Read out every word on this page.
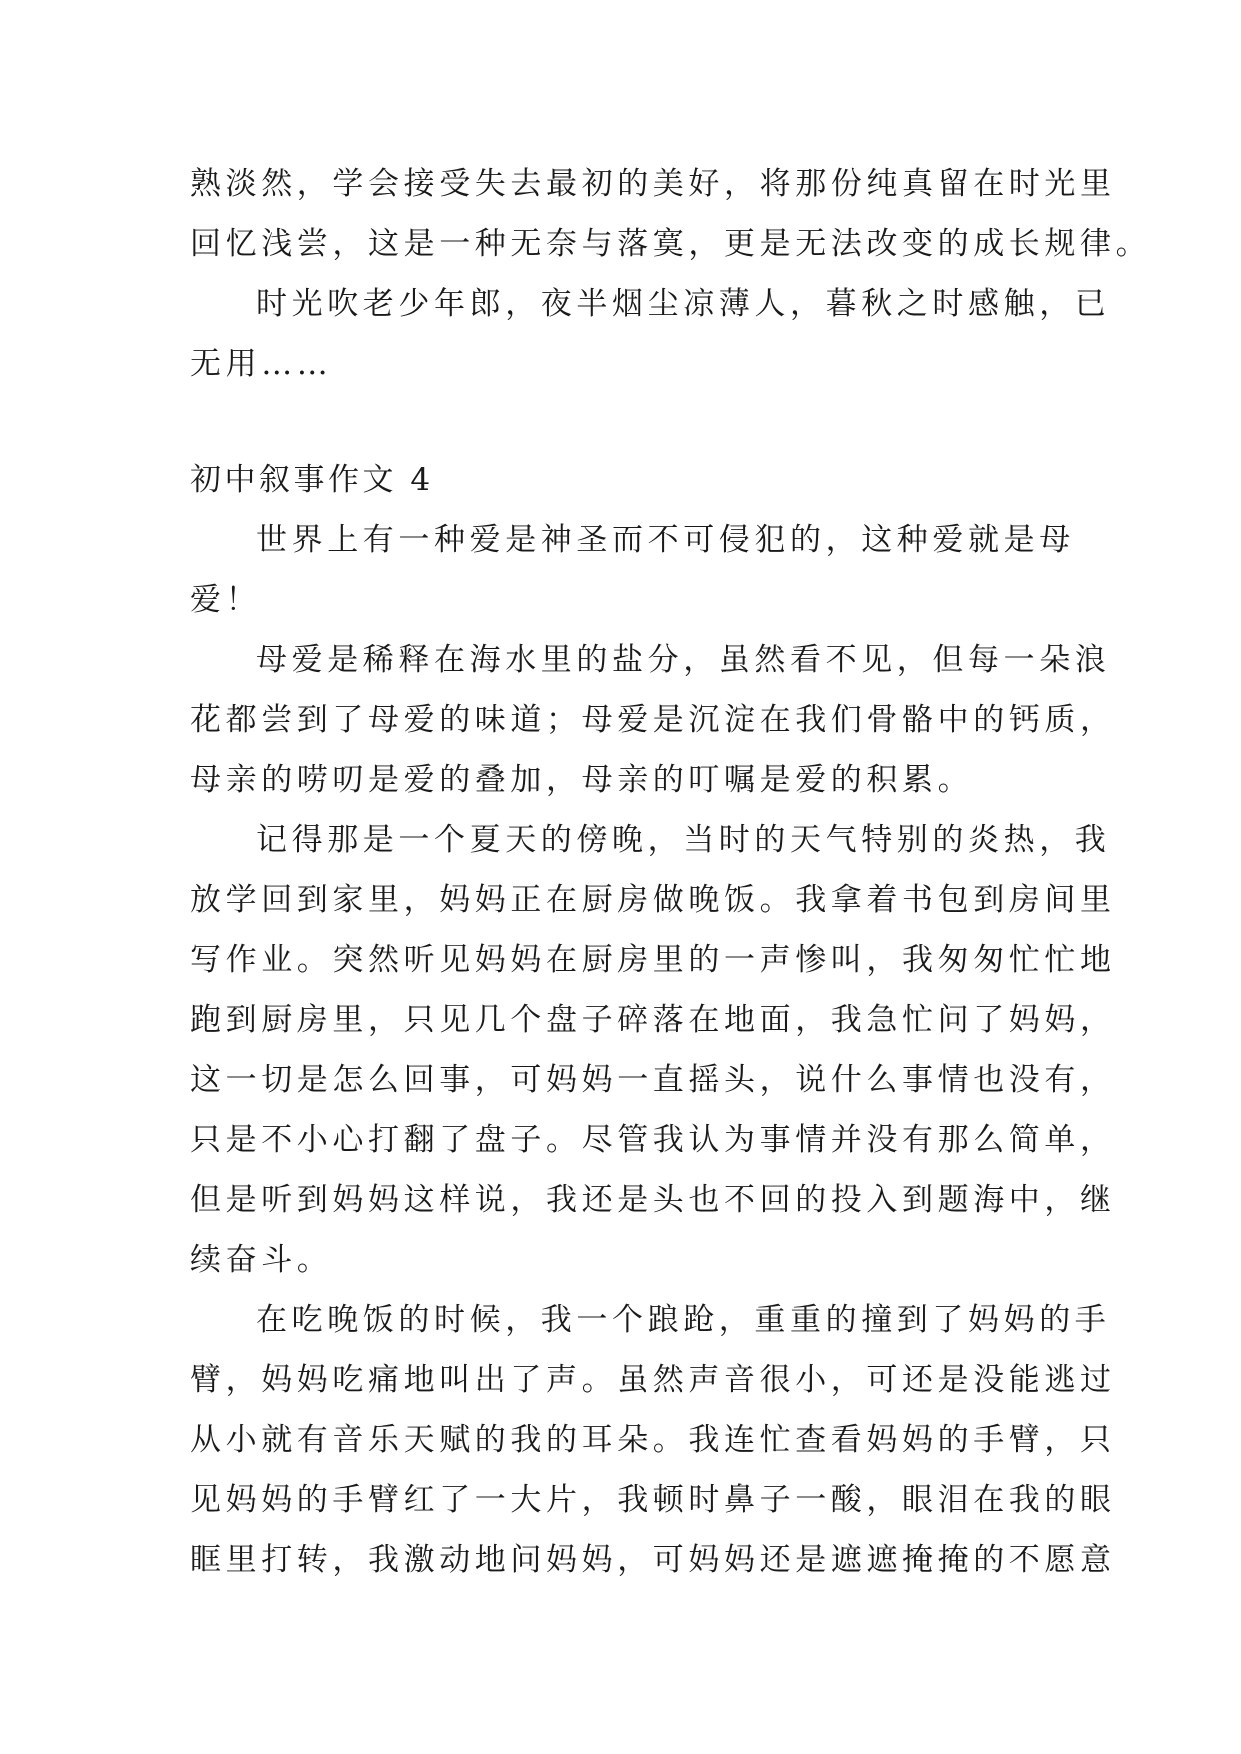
熟淡然，学会接受失去最初的美好，将那份纯真留在时光里
回忆浅尝，这是一种无奈与落寞，更是无法改变的成长规律。
时光吹老少年郎，夜半烟尘凉薄人，暮秋之时感触，已
无用……
初中叙事作文 4
世界上有一种爱是神圣而不可侵犯的，这种爱就是母
爱！
母爱是稀释在海水里的盐分，虽然看不见，但每一朵浪
花都尝到了母爱的味道；母爱是沉淀在我们骨骼中的钙质，
母亲的唠叨是爱的叠加，母亲的叮嘱是爱的积累。
记得那是一个夏天的傍晚，当时的天气特别的炎热，我
放学回到家里，妈妈正在厨房做晚饭。我拿着书包到房间里
写作业。突然听见妈妈在厨房里的一声惨叫，我匆匆忙忙地
跑到厨房里，只见几个盘子碎落在地面，我急忙问了妈妈，
这一切是怎么回事，可妈妈一直摇头，说什么事情也没有，
只是不小心打翻了盘子。尽管我认为事情并没有那么简单，
但是听到妈妈这样说，我还是头也不回的投入到题海中，继
续奋斗。
在吃晚饭的时候，我一个踉跄，重重的撞到了妈妈的手
臂，妈妈吃痛地叫出了声。虽然声音很小，可还是没能逃过
从小就有音乐天赋的我的耳朵。我连忙查看妈妈的手臂，只
见妈妈的手臂红了一大片，我顿时鼻子一酸，眼泪在我的眼
眶里打转，我激动地问妈妈，可妈妈还是遮遮掩掩的不愿意
